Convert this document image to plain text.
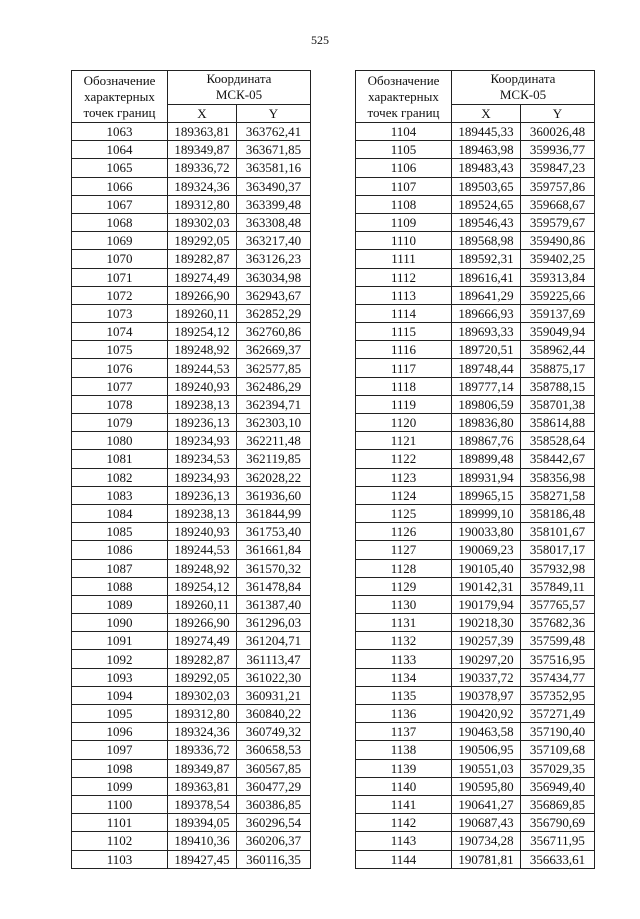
525
Обозначение
характерных
точек границ	Координата
МСК-05	
	X	Y
1063	189363,81	363762,41
1064	189349,87	363671,85
1065	189336,72	363581,16
1066	189324,36	363490,37
1067	189312,80	363399,48
1068	189302,03	363308,48
1069	189292,05	363217,40
1070	189282,87	363126,23
1071	189274,49	363034,98
1072	189266,90	362943,67
1073	189260,11	362852,29
1074	189254,12	362760,86
1075	189248,92	362669,37
1076	189244,53	362577,85
1077	189240,93	362486,29
1078	189238,13	362394,71
1079	189236,13	362303,10
1080	189234,93	362211,48
1081	189234,53	362119,85
1082	189234,93	362028,22
1083	189236,13	361936,60
1084	189238,13	361844,99
1085	189240,93	361753,40
1086	189244,53	361661,84
1087	189248,92	361570,32
1088	189254,12	361478,84
1089	189260,11	361387,40
1090	189266,90	361296,03
1091	189274,49	361204,71
1092	189282,87	361113,47
1093	189292,05	361022,30
1094	189302,03	360931,21
1095	189312,80	360840,22
1096	189324,36	360749,32
1097	189336,72	360658,53
1098	189349,87	360567,85
1099	189363,81	360477,29
1100	189378,54	360386,85
1101	189394,05	360296,54
1102	189410,36	360206,37
1103	189427,45	360116,35
Обозначение
характерных
точек границ	Координата
МСК-05	
	X	Y
1104	189445,33	360026,48
1105	189463,98	359936,77
1106	189483,43	359847,23
1107	189503,65	359757,86
1108	189524,65	359668,67
1109	189546,43	359579,67
1110	189568,98	359490,86
1111	189592,31	359402,25
1112	189616,41	359313,84
1113	189641,29	359225,66
1114	189666,93	359137,69
1115	189693,33	359049,94
1116	189720,51	358962,44
1117	189748,44	358875,17
1118	189777,14	358788,15
1119	189806,59	358701,38
1120	189836,80	358614,88
1121	189867,76	358528,64
1122	189899,48	358442,67
1123	189931,94	358356,98
1124	189965,15	358271,58
1125	189999,10	358186,48
1126	190033,80	358101,67
1127	190069,23	358017,17
1128	190105,40	357932,98
1129	190142,31	357849,11
1130	190179,94	357765,57
1131	190218,30	357682,36
1132	190257,39	357599,48
1133	190297,20	357516,95
1134	190337,72	357434,77
1135	190378,97	357352,95
1136	190420,92	357271,49
1137	190463,58	357190,40
1138	190506,95	357109,68
1139	190551,03	357029,35
1140	190595,80	356949,40
1141	190641,27	356869,85
1142	190687,43	356790,69
1143	190734,28	356711,95
1144	190781,81	356633,61
